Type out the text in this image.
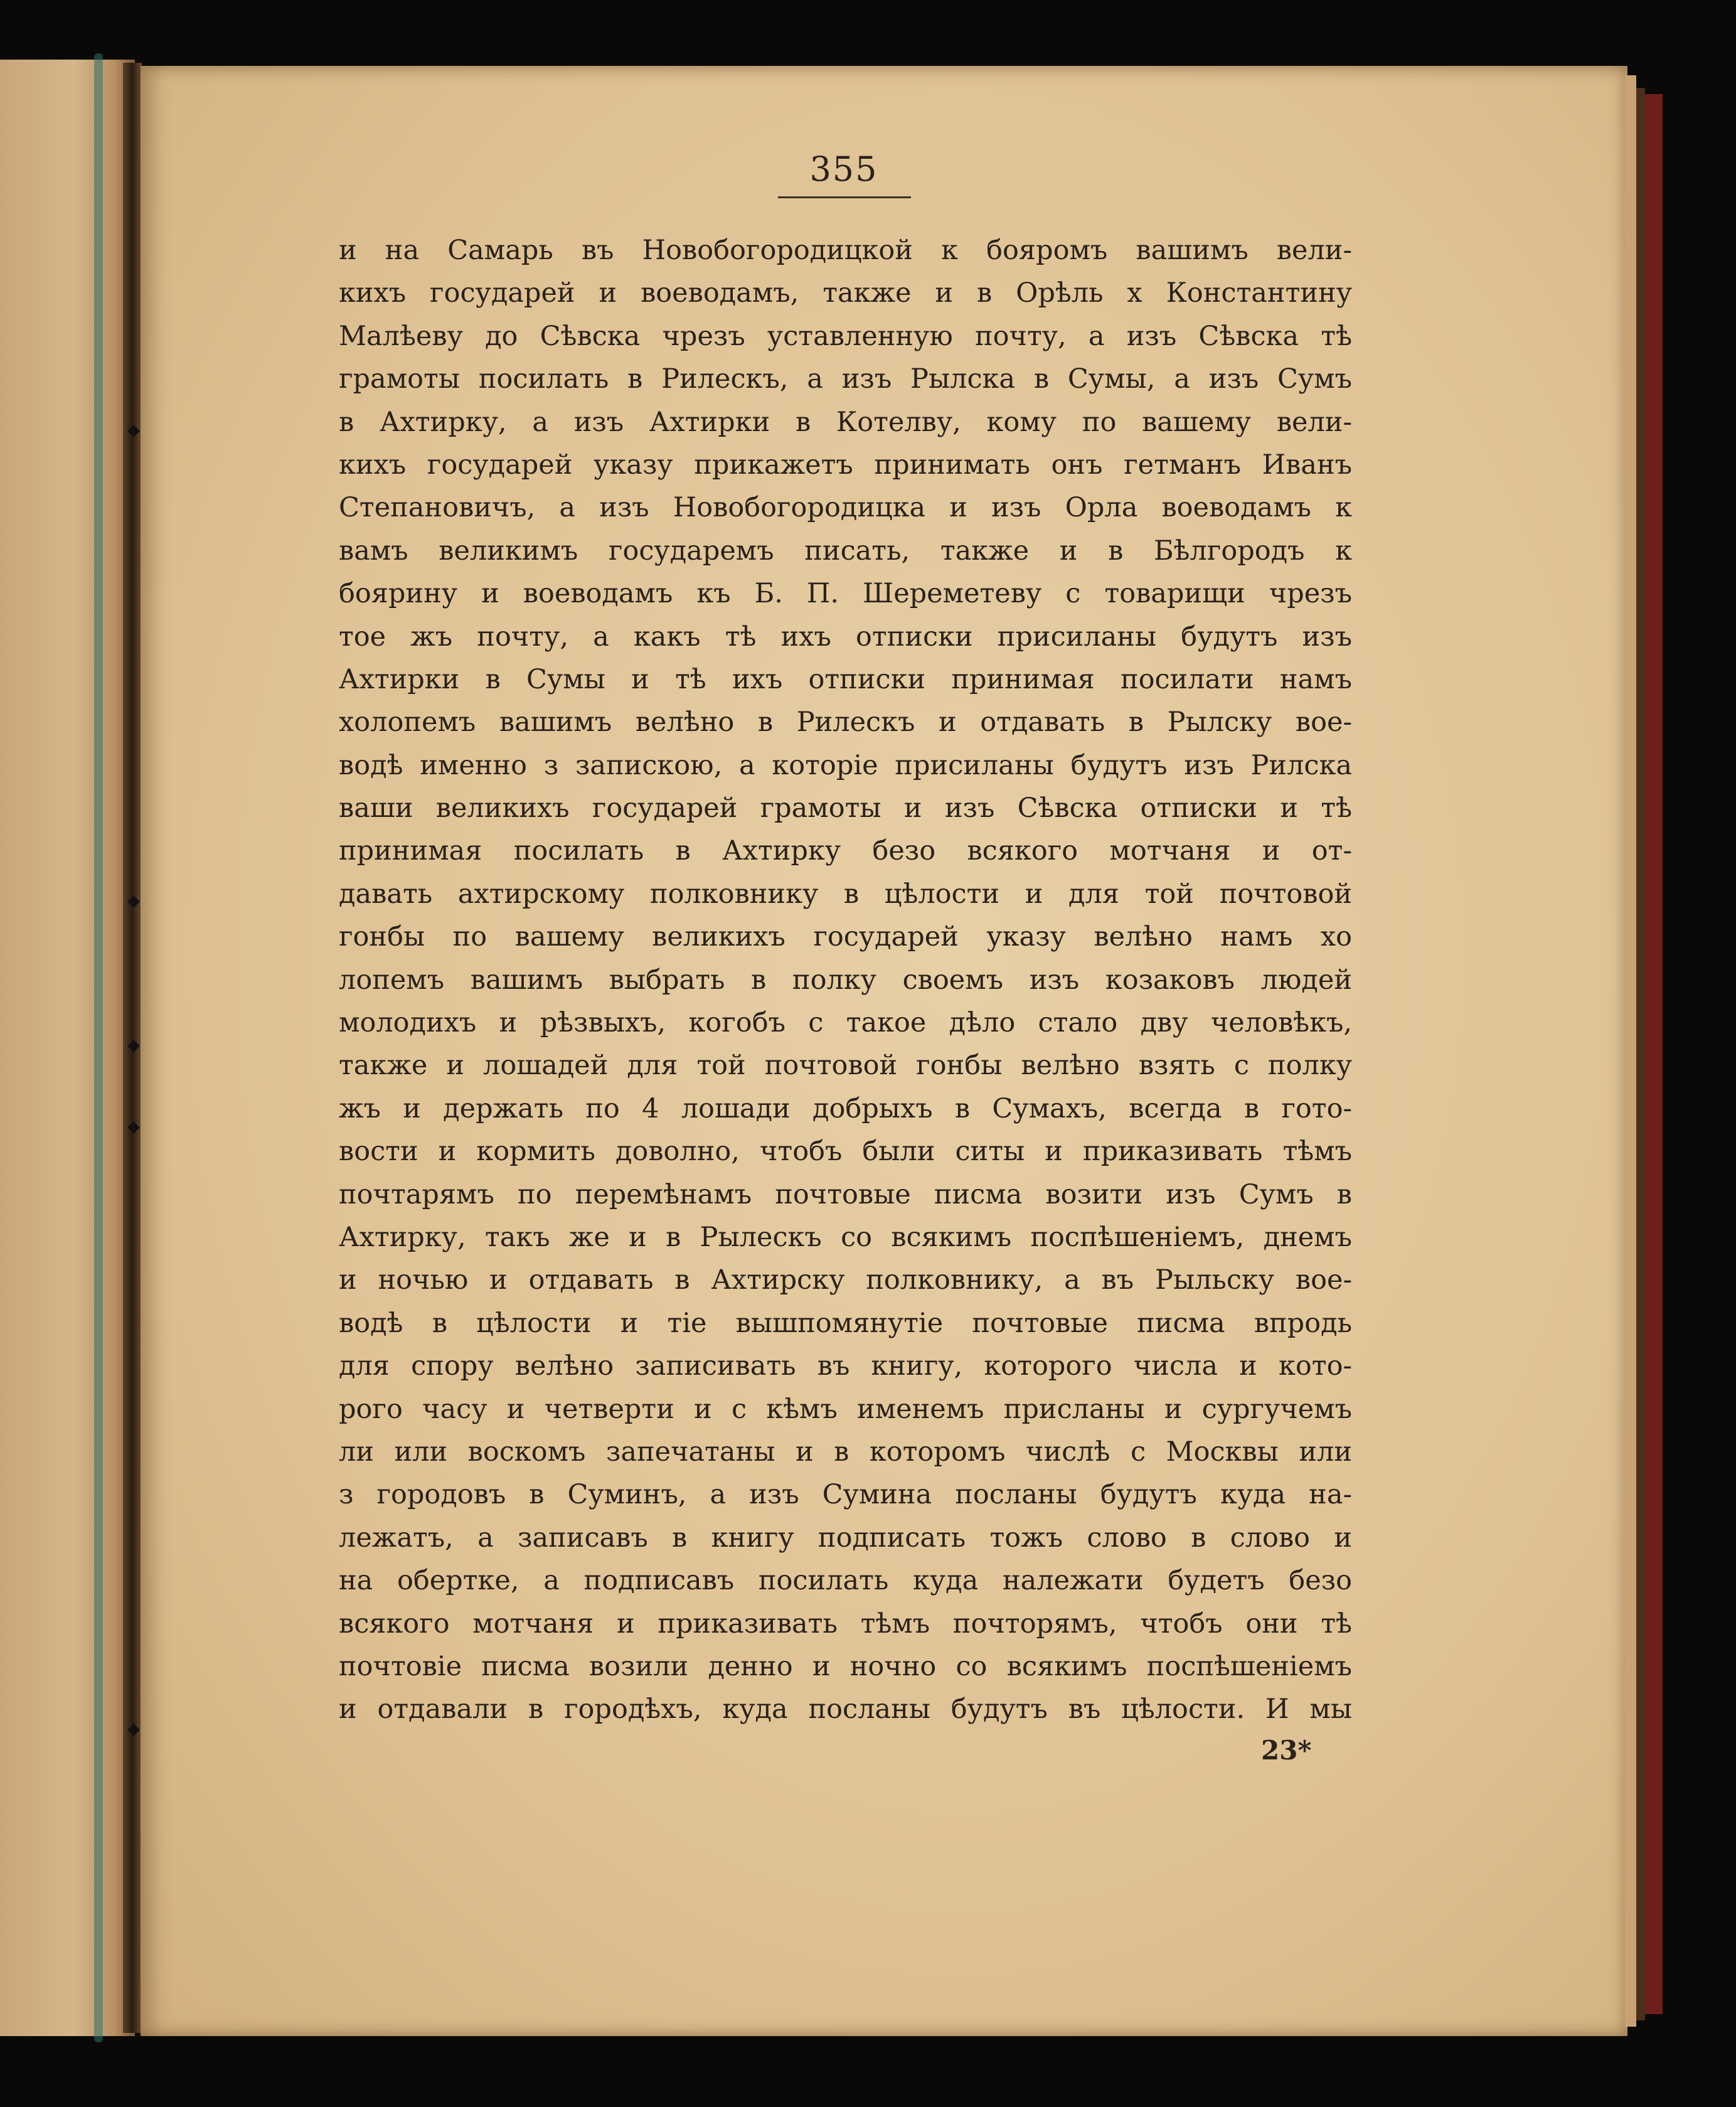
355
и на Самарь въ Новобогородицкой к бояромъ вашимъ вели-
кихъ государей и воеводамъ, также и в Орѣль х Константину
Малѣеву до Сѣвска чрезъ уставленную почту, а изъ Сѣвска тѣ
грамоты посилать в Рилескъ, а изъ Рылска в Сумы, а изъ Сумъ
в Ахтирку, а изъ Ахтирки в Котелву, кому по вашему вели-
кихъ государей указу прикажетъ принимать онъ гетманъ Иванъ
Степановичъ, а изъ Новобогородицка и изъ Орла воеводамъ к
вамъ великимъ государемъ писать, также и в Бѣлгородъ к
боярину и воеводамъ къ Б. П. Шереметеву с товарищи чрезъ
тое жъ почту, а какъ тѣ ихъ отписки присиланы будутъ изъ
Ахтирки в Сумы и тѣ ихъ отписки принимая посилати намъ
холопемъ вашимъ велѣно в Рилескъ и отдавать в Рылску вое-
водѣ именно з запискою, а которіе присиланы будутъ изъ Рилска
ваши великихъ государей грамоты и изъ Сѣвска отписки и тѣ
принимая посилать в Ахтирку безо всякого мотчаня и от-
давать ахтирскому полковнику в цѣлости и для той почтовой
гонбы по вашему великихъ государей указу велѣно намъ хо
лопемъ вашимъ выбрать в полку своемъ изъ козаковъ людей
молодихъ и рѣзвыхъ, когобъ с такое дѣло стало дву человѣкъ,
также и лошадей для той почтовой гонбы велѣно взять с полку
жъ и держать по 4 лошади добрыхъ в Сумахъ, всегда в гото-
вости и кормить доволно, чтобъ были ситы и приказивать тѣмъ
почтарямъ по перемѣнамъ почтовые писма возити изъ Сумъ в
Ахтирку, такъ же и в Рылескъ со всякимъ поспѣшеніемъ, днемъ
и ночью и отдавать в Ахтирску полковнику, а въ Рыльску вое-
водѣ в цѣлости и тіе вышпомянутіе почтовые писма впродь
для спору велѣно записивать въ книгу, которого числа и кото-
рого часу и четверти и с кѣмъ именемъ присланы и сургучемъ
ли или воскомъ запечатаны и в которомъ числѣ с Москвы или
з городовъ в Суминъ, а изъ Сумина посланы будутъ куда на-
лежатъ, а записавъ в книгу подписать тожъ слово в слово и
на обертке, а подписавъ посилать куда належати будетъ безо
всякого мотчаня и приказивать тѣмъ почторямъ, чтобъ они тѣ
почтовіе писма возили денно и ночно со всякимъ поспѣшеніемъ
и отдавали в городѣхъ, куда посланы будутъ въ цѣлости. И мы
23*
